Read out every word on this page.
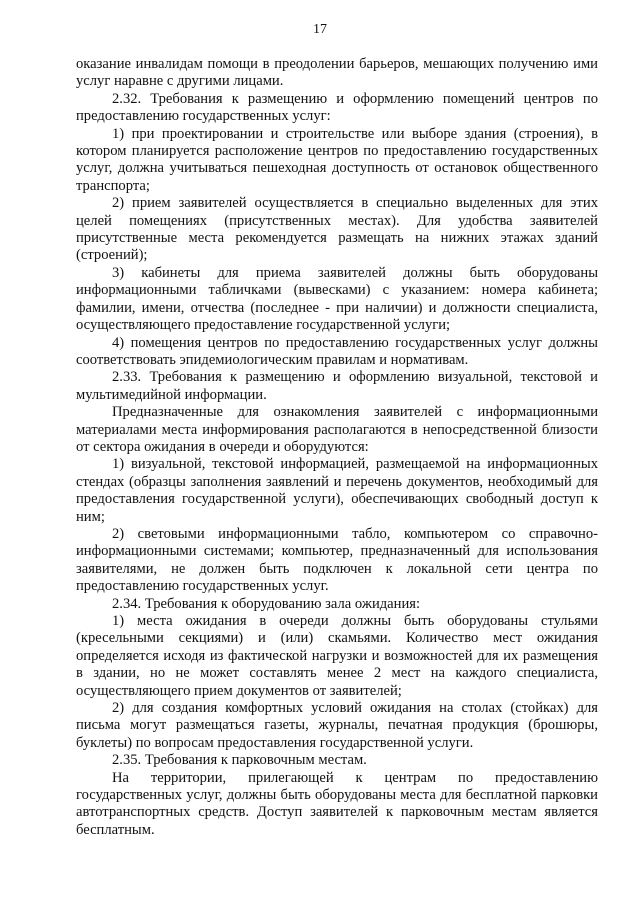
17

оказание инвалидам помощи в преодолении барьеров, мешающих получению ими услуг наравне с другими лицами.

2.32. Требования к размещению и оформлению помещений центров по предоставлению государственных услуг:

1) при проектировании и строительстве или выборе здания (строения), в котором планируется расположение центров по предоставлению государственных услуг, должна учитываться пешеходная доступность от остановок общественного транспорта;

2) прием заявителей осуществляется в специально выделенных для этих целей помещениях (присутственных местах). Для удобства заявителей присутственные места рекомендуется размещать на нижних этажах зданий (строений);

3) кабинеты для приема заявителей должны быть оборудованы информационными табличками (вывесками) с указанием: номера кабинета; фамилии, имени, отчества (последнее - при наличии) и должности специалиста, осуществляющего предоставление государственной услуги;

4) помещения центров по предоставлению государственных услуг должны соответствовать эпидемиологическим правилам и нормативам.

2.33. Требования к размещению и оформлению визуальной, текстовой и мультимедийной информации.

Предназначенные для ознакомления заявителей с информационными материалами места информирования располагаются в непосредственной близости от сектора ожидания в очереди и оборудуются:

1) визуальной, текстовой информацией, размещаемой на информационных стендах (образцы заполнения заявлений и перечень документов, необходимый для предоставления государственной услуги), обеспечивающих свободный доступ к ним;

2) световыми информационными табло, компьютером со справочно-информационными системами; компьютер, предназначенный для использования заявителями, не должен быть подключен к локальной сети центра по предоставлению государственных услуг.

2.34. Требования к оборудованию зала ожидания:

1) места ожидания в очереди должны быть оборудованы стульями (кресельными секциями) и (или) скамьями. Количество мест ожидания определяется исходя из фактической нагрузки и возможностей для их размещения в здании, но не может составлять менее 2 мест на каждого специалиста, осуществляющего прием документов от заявителей;

2) для создания комфортных условий ожидания на столах (стойках) для письма могут размещаться газеты, журналы, печатная продукция (брошюры, буклеты) по вопросам предоставления государственной услуги.

2.35. Требования к парковочным местам.

На территории, прилегающей к центрам по предоставлению государственных услуг, должны быть оборудованы места для бесплатной парковки автотранспортных средств. Доступ заявителей к парковочным местам является бесплатным.
